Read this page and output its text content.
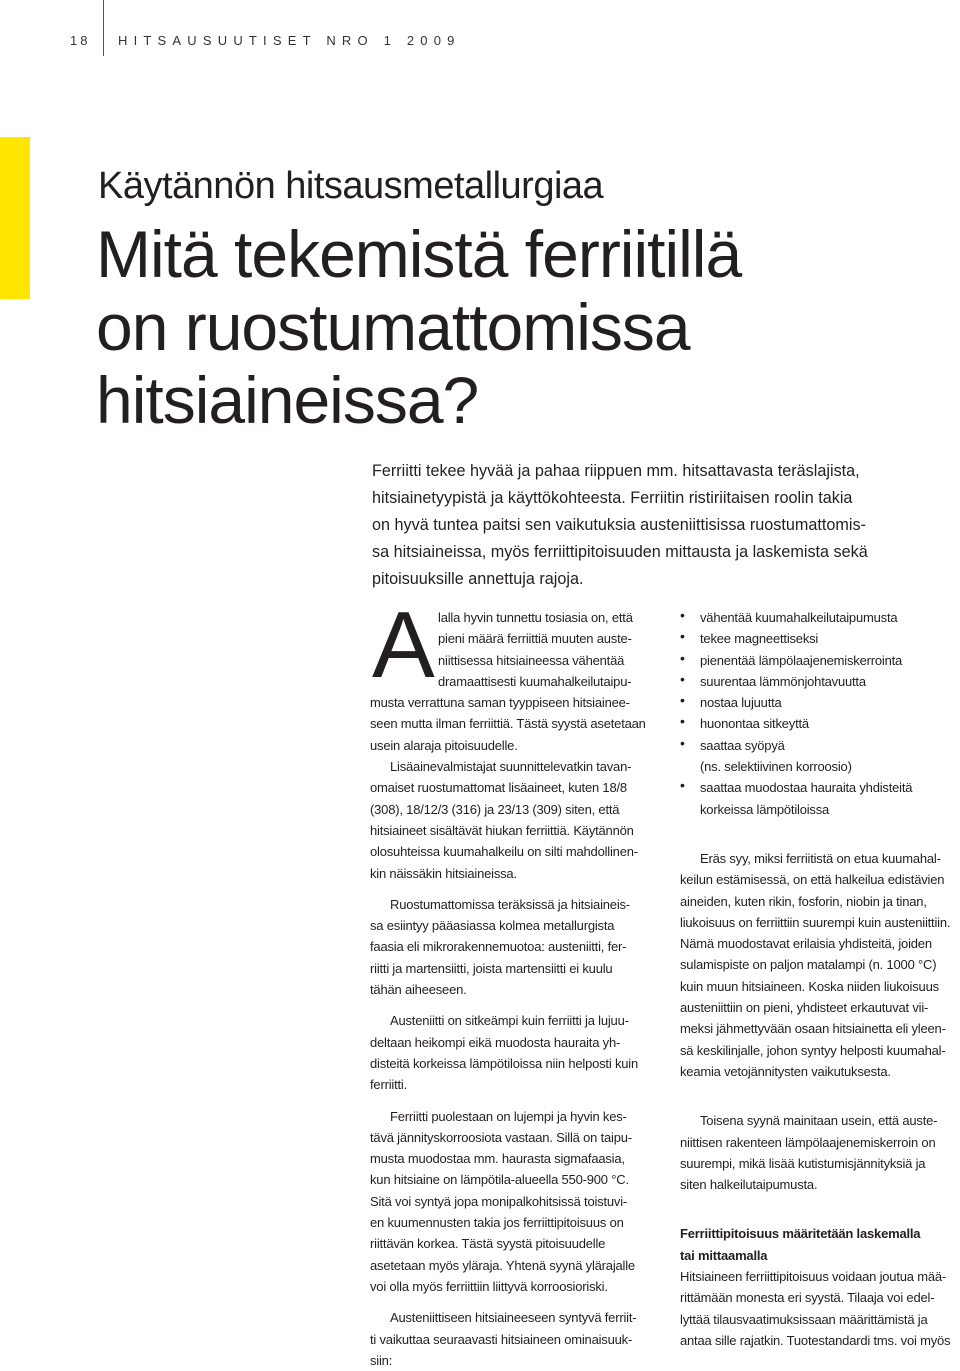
18 HITSAUSUUTISET NRO 1 2009
Käytännön hitsausmetallurgiaa
Mitä tekemistä ferriitillä
on ruostumattomissa
hitsiaineissa?
Ferriitti tekee hyvää ja pahaa riippuen mm. hitsattavasta teräslajista,
hitsiainetyypistä ja käyttökohteesta. Ferriitin ristiriitaisen roolin takia
on hyvä tuntea paitsi sen vaikutuksia austeniittisissa ruostumattomis-
sa hitsiaineissa, myös ferriittipitoisuuden mittausta ja laskemista sekä
pitoisuuksille annettuja rajoja.
A lalla hyvin tunnettu tosiasia on, että
pieni määrä ferriittiä muuten auste-
niittisessa hitsiaineessa vähentää
dramaattisesti kuumahalkeilutaipu-
musta verrattuna saman tyyppiseen hitsiainee-
seen mutta ilman ferriittiä. Tästä syystä asetetaan
usein alaraja pitoisuudelle.
Lisäainevalmistajat suunnittelevatkin tavan-
omaiset ruostumattomat lisäaineet, kuten 18/8
(308), 18/12/3 (316) ja 23/13 (309) siten, että
hitsiaineet sisältävät hiukan ferriittiä. Käytännön
olosuhteissa kuumahalkeilu on silti mahdollinen-
kin näissäkin hitsiaineissa.
Ruostumattomissa teräksissä ja hitsiaineis-
sa esiintyy pääasiassa kolmea metallurgista
faasia eli mikrorakennemuotoa: austeniitti, fer-
riitti ja martensiitti, joista martensiitti ei kuulu
tähän aiheeseen.
Austeniitti on sitkeämpi kuin ferriitti ja lujuu-
deltaan heikompi eikä muodosta hauraita yh-
disteitä korkeissa lämpötiloissa niin helposti kuin
ferriitti.
Ferriitti puolestaan on lujempi ja hyvin kes-
tävä jännityskorroosiota vastaan. Sillä on taipu-
musta muodostaa mm. haurasta sigmafaasia,
kun hitsiaine on lämpötila-alueella 550-900 °C.
Sitä voi syntyä jopa monipalkohitsissä toistuvi-
en kuumennusten takia jos ferriittipitoisuus on
riittävän korkea. Tästä syystä pitoisuudelle
asetetaan myös yläraja. Yhtenä syynä ylärajalle
voi olla myös ferriittiin liittyvä korroosioriski.
Austeniittiseen hitsiaineeseen syntyvä ferriit-
ti vaikuttaa seuraavasti hitsiaineen ominaisuuk-
siin:
• vähentää kuumahalkeilutaipumusta
• tekee magneettiseksi
• pienentää lämpölaajenemiskerrointa
• suurentaa lämmönjohtavuutta
• nostaa lujuutta
• huonontaa sitkeyttä
• saattaa syöpyä
(ns. selektiivinen korroosio)
• saattaa muodostaa hauraita yhdisteitä
korkeissa lämpötiloissa
Eräs syy, miksi ferriitistä on etua kuumahal-
keilun estämisessä, on että halkeilua edistävien
aineiden, kuten rikin, fosforin, niobin ja tinan,
liukoisuus on ferriittiin suurempi kuin austeniittiin.
Nämä muodostavat erilaisia yhdisteitä, joiden
sulamispiste on paljon matalampi (n. 1000 °C)
kuin muun hitsiaineen. Koska niiden liukoisuus
austeniittiin on pieni, yhdisteet erkautuvat vii-
meksi jähmettyvään osaan hitsiainetta eli yleen-
sä keskilinjalle, johon syntyy helposti kuumahal-
keamia vetojännitysten vaikutuksesta.
Toisena syynä mainitaan usein, että auste-
niittisen rakenteen lämpölaajenemiskerroin on
suurempi, mikä lisää kutistumisjännityksiä ja
siten halkeilutaipumusta.
Ferriittipitoisuus määritetään laskemalla
tai mittaamalla
Hitsiaineen ferriittipitoisuus voidaan joutua mää-
rittämään monesta eri syystä. Tilaaja voi edel-
lyttää tilausvaatimuksissaan määrittämistä ja
antaa sille rajatkin. Tuotestandardi tms. voi myös
